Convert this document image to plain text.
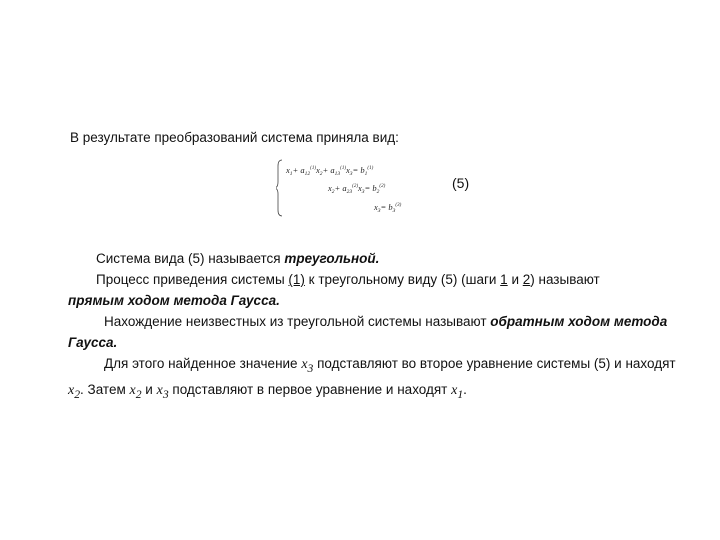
В результате преобразований система приняла вид:
$x_1+ a_{12}^{(1)}x_2+ a_{13}^{(1)}x_3= b_1^{(1)}$
$x_2+ a_{23}^{(2)}x_3= b_2^{(2)}$
$x_3= b_3^{(3)}$
(5)
Система вида (5) называется треугольной.
Процесс приведения системы (1) к треугольному виду (5) (шаги 1 и 2) называют
прямым ходом метода Гаусса.
Нахождение неизвестных из треугольной системы называют обратным ходом метода Гаусса.
Для этого найденное значение $x_3$ подставляют во второе уравнение системы (5) и находят $x_2$. Затем $x_2$ и $x_3$ подставляют в первое уравнение и находят $x_1$.
